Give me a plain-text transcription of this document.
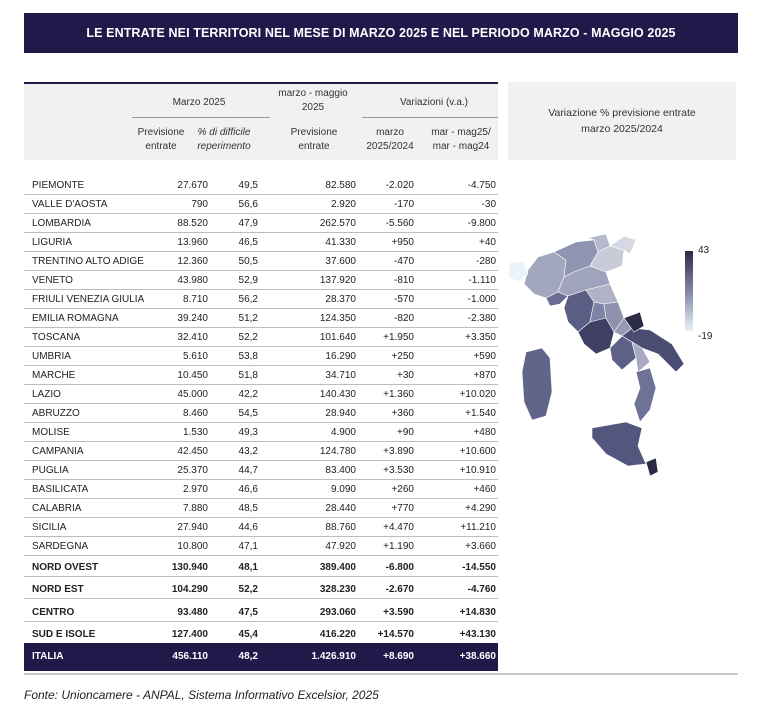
LE ENTRATE NEI TERRITORI NEL MESE DI MARZO 2025 E NEL PERIODO MARZO - MAGGIO 2025
Marzo 2025
marzo - maggio 2025	Variazioni (v.a.)
Previsione entrate
% di difficile reperimento
Previsione entrate
marzo 2025/2024
mar - mag25/ mar - mag24
Variazione % previsione entrate marzo 2025/2024
PIEMONTE	27.670	49,5	82.580	-2.020	-4.750
VALLE D'AOSTA	790	56,6	2.920	-170	-30
LOMBARDIA	88.520	47,9	262.570	-5.560	-9.800
LIGURIA	13.960	46,5	41.330	+950	+40
TRENTINO ALTO ADIGE	12.360	50,5	37.600	-470	-280
VENETO	43.980	52,9	137.920	-810	-1.110
FRIULI VENEZIA GIULIA	8.710	56,2	28.370	-570	-1.000
EMILIA ROMAGNA	39.240	51,2	124.350	-820	-2.380
TOSCANA	32.410	52,2	101.640	+1.950	+3.350
UMBRIA	5.610	53,8	16.290	+250	+590
MARCHE	10.450	51,8	34.710	+30	+870
LAZIO	45.000	42,2	140.430	+1.360	+10.020
ABRUZZO	8.460	54,5	28.940	+360	+1.540
MOLISE	1.530	49,3	4.900	+90	+480
CAMPANIA	42.450	43,2	124.780	+3.890	+10.600
PUGLIA	25.370	44,7	83.400	+3.530	+10.910
BASILICATA	2.970	46,6	9.090	+260	+460
CALABRIA	7.880	48,5	28.440	+770	+4.290
SICILIA	27.940	44,6	88.760	+4.470	+11.210
SARDEGNA	10.800	47,1	47.920	+1.190	+3.660
NORD OVEST	130.940	48,1	389.400	-6.800	-14.550
NORD EST	104.290	52,2	328.230	-2.670	-4.760
CENTRO	93.480	47,5	293.060	+3.590	+14.830
SUD E ISOLE	127.400	45,4	416.220 +14.570	+43.130
ITALIA	456.110	48,2	1.426.910	+8.690	+38.660
43
-19
Fonte: Unioncamere - ANPAL, Sistema Informativo Excelsior, 2025
